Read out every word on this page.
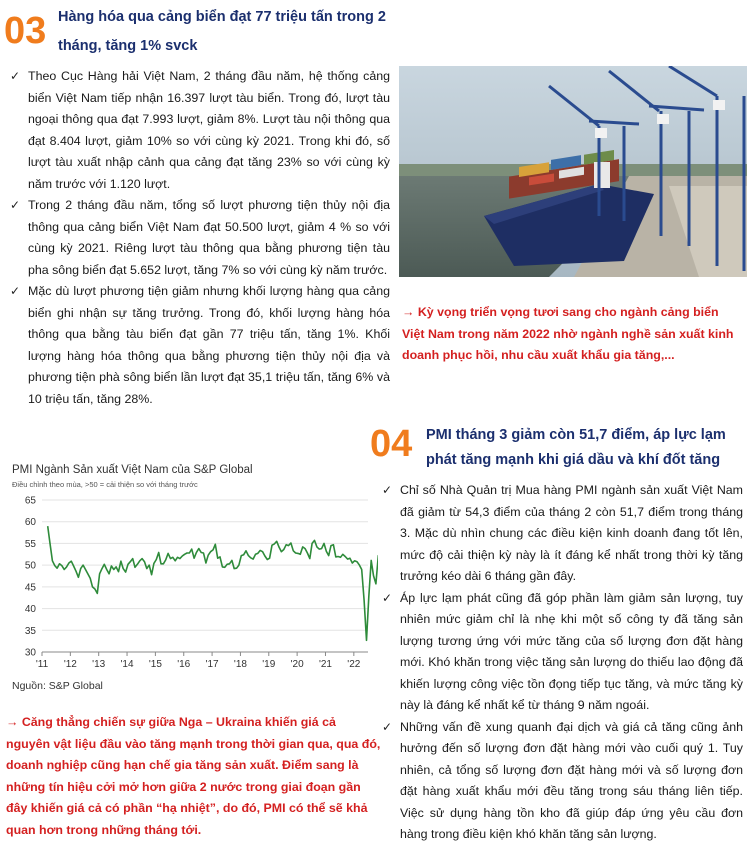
03 Hàng hóa qua cảng biển đạt 77 triệu tấn trong 2
tháng, tăng 1% svck
✓ Theo Cục Hàng hải Việt Nam, 2 tháng đầu năm, hệ thống cảng biển Việt Nam tiếp nhận 16.397 lượt tàu biển. Trong đó, lượt tàu ngoại thông qua đạt 7.993 lượt, giảm 8%. Lượt tàu nội thông qua đạt 8.404 lượt, giảm 10% so với cùng kỳ 2021. Trong khi đó, số lượt tàu xuất nhập cảnh qua cảng đạt tăng 23% so với cùng kỳ năm trước với 1.120 lượt.
✓ Trong 2 tháng đầu năm, tổng số lượt phương tiện thủy nội địa thông qua cảng biển Việt Nam đạt 50.500 lượt, giảm 4 % so với cùng kỳ 2021. Riêng lượt tàu thông qua bằng phương tiện tàu pha sông biển đạt 5.652 lượt, tăng 7% so với cùng kỳ năm trước.
✓ Mặc dù lượt phương tiện giảm nhưng khối lượng hàng qua cảng biển ghi nhận sự tăng trưởng. Trong đó, khối lượng hàng hóa thông qua bằng tàu biển đạt gần 77 triệu tấn, tăng 1%. Khối lượng hàng hóa thông qua bằng phương tiện thủy nội địa và phương tiện phà sông biển lần lượt đạt 35,1 triệu tấn, tăng 6% và 10 triệu tấn, tăng 28%.
→ Kỳ vọng triển vọng tươi sang cho ngành cảng biển Việt Nam trong năm 2022 nhờ ngành nghề sản xuất kinh doanh phục hồi, nhu cầu xuất khẩu gia tăng,...
PMI Ngành Sản xuất Việt Nam của S&P Global
Điều chỉnh theo mùa, >50 = cải thiện so với tháng trước
30
35
40
45
50
55
60
65
'11 '12 '13 '14 '15 '16 '17 '18 '19 '20 '21 '22
Nguồn: S&P Global
→ Căng thẳng chiến sự giữa Nga – Ukraina khiến giá cả nguyên vật liệu đầu vào tăng mạnh trong thời gian qua, qua đó, doanh nghiệp cũng hạn chế gia tăng sản xuất. Điểm sang là những tín hiệu cởi mở hơn giữa 2 nước trong giai đoạn gần đây khiến giá cả có phần “hạ nhiệt”, do đó, PMI có thể sẽ khả quan hơn trong những tháng tới.
04 PMI tháng 3 giảm còn 51,7 điểm, áp lực lạm
phát tăng mạnh khi giá dầu và khí đốt tăng
✓ Chỉ số Nhà Quản trị Mua hàng PMI ngành sản xuất Việt Nam đã giảm từ 54,3 điểm của tháng 2 còn 51,7 điểm trong tháng 3. Mặc dù nhìn chung các điều kiện kinh doanh đang tốt lên, mức độ cải thiện kỳ này là ít đáng kể nhất trong thời kỳ tăng trưởng kéo dài 6 tháng gần đây.
✓ Áp lực lạm phát cũng đã góp phần làm giảm sản lượng, tuy nhiên mức giảm chỉ là nhẹ khi một số công ty đã tăng sản lượng tương ứng với mức tăng của số lượng đơn đặt hàng mới. Khó khăn trong việc tăng sản lượng do thiếu lao động đã khiến lượng công việc tồn đọng tiếp tục tăng, và mức tăng kỳ này là đáng kể nhất kể từ tháng 9 năm ngoái.
✓ Những vấn đề xung quanh đại dịch và giá cả tăng cũng ảnh hưởng đến số lượng đơn đặt hàng mới vào cuối quý 1. Tuy nhiên, cả tổng số lượng đơn đặt hàng mới và số lượng đơn đặt hàng xuất khẩu mới đều tăng trong sáu tháng liên tiếp. Việc sử dụng hàng tồn kho đã giúp đáp ứng yêu cầu đơn hàng trong điều kiện khó khăn tăng sản lượng.
